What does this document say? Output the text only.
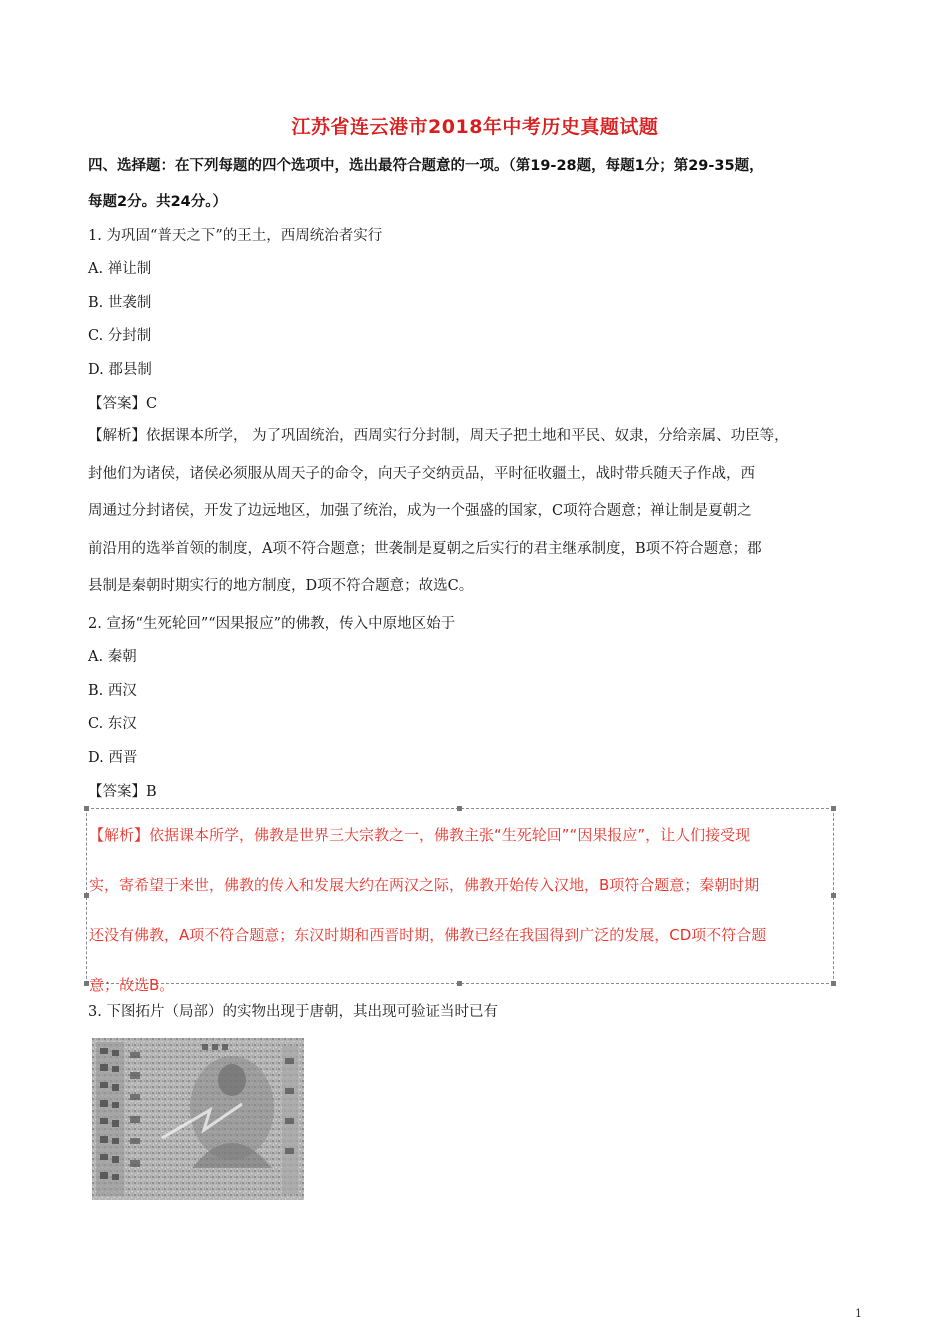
江苏省连云港市2018年中考历史真题试题
四、选择题：在下列每题的四个选项中，选出最符合题意的一项。（第19-28题，每题1分；第29-35题，
每题2分。共24分。）
1. 为巩固“普天之下”的王土，西周统治者实行
A. 禅让制
B. 世袭制
C. 分封制
D. 郡县制
【答案】C
【解析】依据课本所学， 为了巩固统治，西周实行分封制，周天子把土地和平民、奴隶，分给亲属、功臣等，
封他们为诸侯，诸侯必须服从周天子的命令，向天子交纳贡品，平时征收疆土，战时带兵随天子作战，西
周通过分封诸侯，开发了边远地区，加强了统治，成为一个强盛的国家，C项符合题意；禅让制是夏朝之
前沿用的选举首领的制度，A项不符合题意；世袭制是夏朝之后实行的君主继承制度，B项不符合题意；郡
县制是秦朝时期实行的地方制度，D项不符合题意；故选C。
2. 宣扬“生死轮回”“因果报应”的佛教，传入中原地区始于
A. 秦朝
B. 西汉
C. 东汉
D. 西晋
【答案】B
【解析】依据课本所学，佛教是世界三大宗教之一，佛教主张“生死轮回”“因果报应”，让人们接受现
实，寄希望于来世，佛教的传入和发展大约在两汉之际，佛教开始传入汉地，B项符合题意；秦朝时期
还没有佛教，A项不符合题意；东汉时期和西晋时期，佛教已经在我国得到广泛的发展，CD项不符合题
意；故选B。
3. 下图拓片（局部）的实物出现于唐朝，其出现可验证当时已有
1
